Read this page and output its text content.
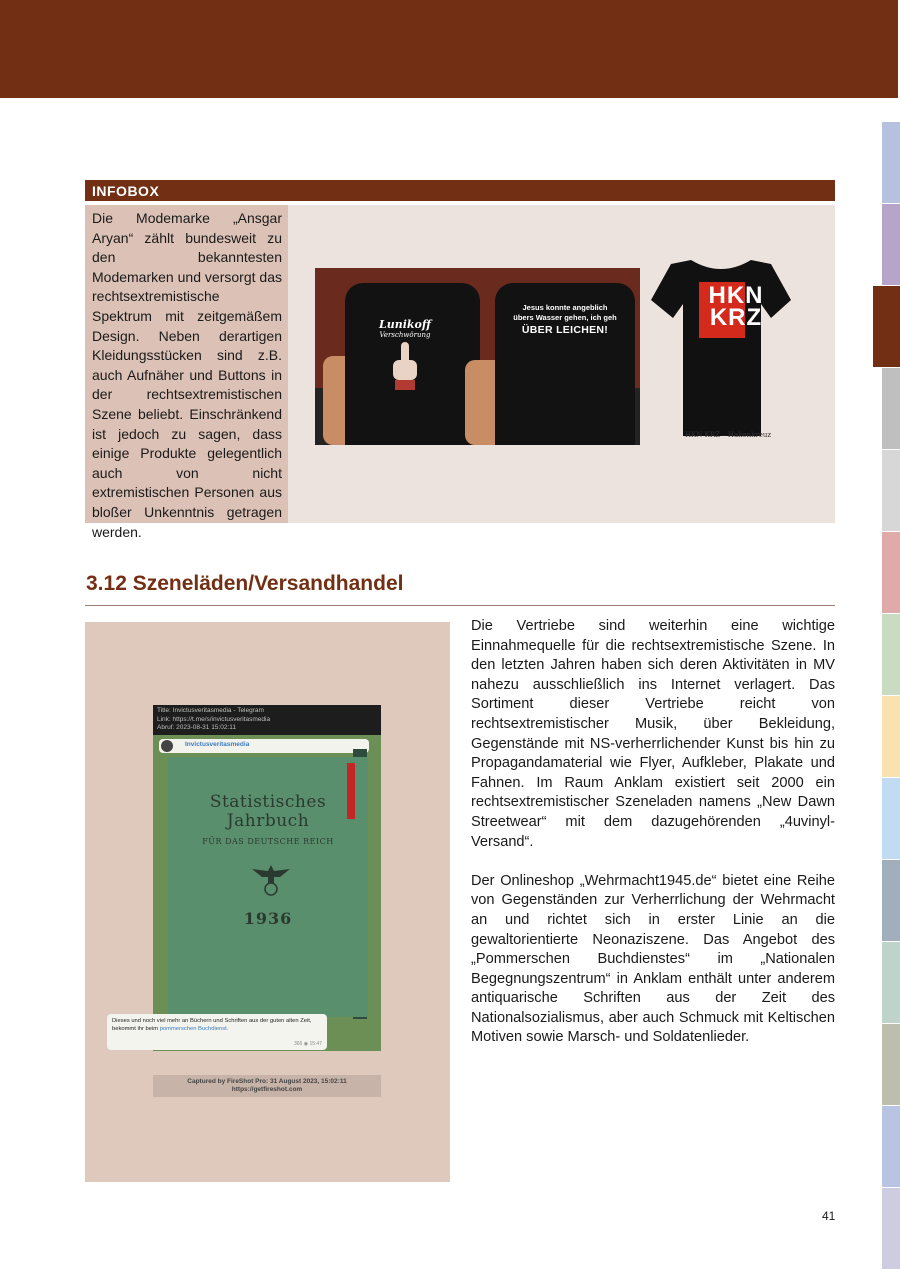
INFOBOX

Die Modemarke „Ansgar Aryan“ zählt bundesweit zu den bekanntesten Modemarken und versorgt das rechtsextremistische Spektrum mit zeitgemäßem Design. Neben derartigen Kleidungsstücken sind z.B. auch Aufnäher und Buttons in der rechtsextremistischen Szene beliebt. Einschränkend ist jedoch zu sagen, dass einige Produkte gelegentlich auch von nicht extremistischen Personen aus bloßer Unkenntnis getragen werden.

Lunikoff
Verschwörung
Jesus konnte angeblich
übers Wasser gehen, ich geh
ÜBER LEICHEN!
HKN
KRZ
HKN KRZ – Hakenkreuz
3.12 Szeneläden/Versandhandel
Title: Invictusveritasmedia - Telegram
Link: https://t.me/s/invictusveritasmedia
Abruf: 2023-08-31 15:02:11
Invictusveritasmedia
Statistisches
Jahrbuch
FÜR DAS DEUTSCHE REICH
1936
Dieses und noch viel mehr an Büchern und Schriften aus der guten alten Zeit, bekommt ihr beim pommerschen Buchdienst.
366 ◉ 15:47
Captured by FireShot Pro: 31 August 2023, 15:02:11
https://getfireshot.com

Die Vertriebe sind weiterhin eine wichtige Einnahmequelle für die rechtsextremistische Szene. In den letzten Jahren haben sich deren Aktivitäten in MV nahezu ausschließlich ins Internet verlagert. Das Sortiment dieser Vertriebe reicht von rechtsextremistischer Musik, über Bekleidung, Gegenstände mit NS-verherrlichender Kunst bis hin zu Propagandamaterial wie Flyer, Aufkleber, Plakate und Fahnen. Im Raum Anklam existiert seit 2000 ein rechtsextremistischer Szeneladen namens „New Dawn Streetwear“ mit dem dazugehörenden „4uvinyl-Versand“.

Der Onlineshop „Wehrmacht1945.de“ bietet eine Reihe von Gegenständen zur Verherrlichung der Wehrmacht an und richtet sich in erster Linie an die gewaltorientierte Neonaziszene. Das Angebot des „Pommerschen Buchdienstes“ im „Nationalen Begegnungszentrum“ in Anklam enthält unter anderem antiquarische Schriften aus der Zeit des Nationalsozialismus, aber auch Schmuck mit Keltischen Motiven sowie Marsch- und Soldatenlieder.

41
